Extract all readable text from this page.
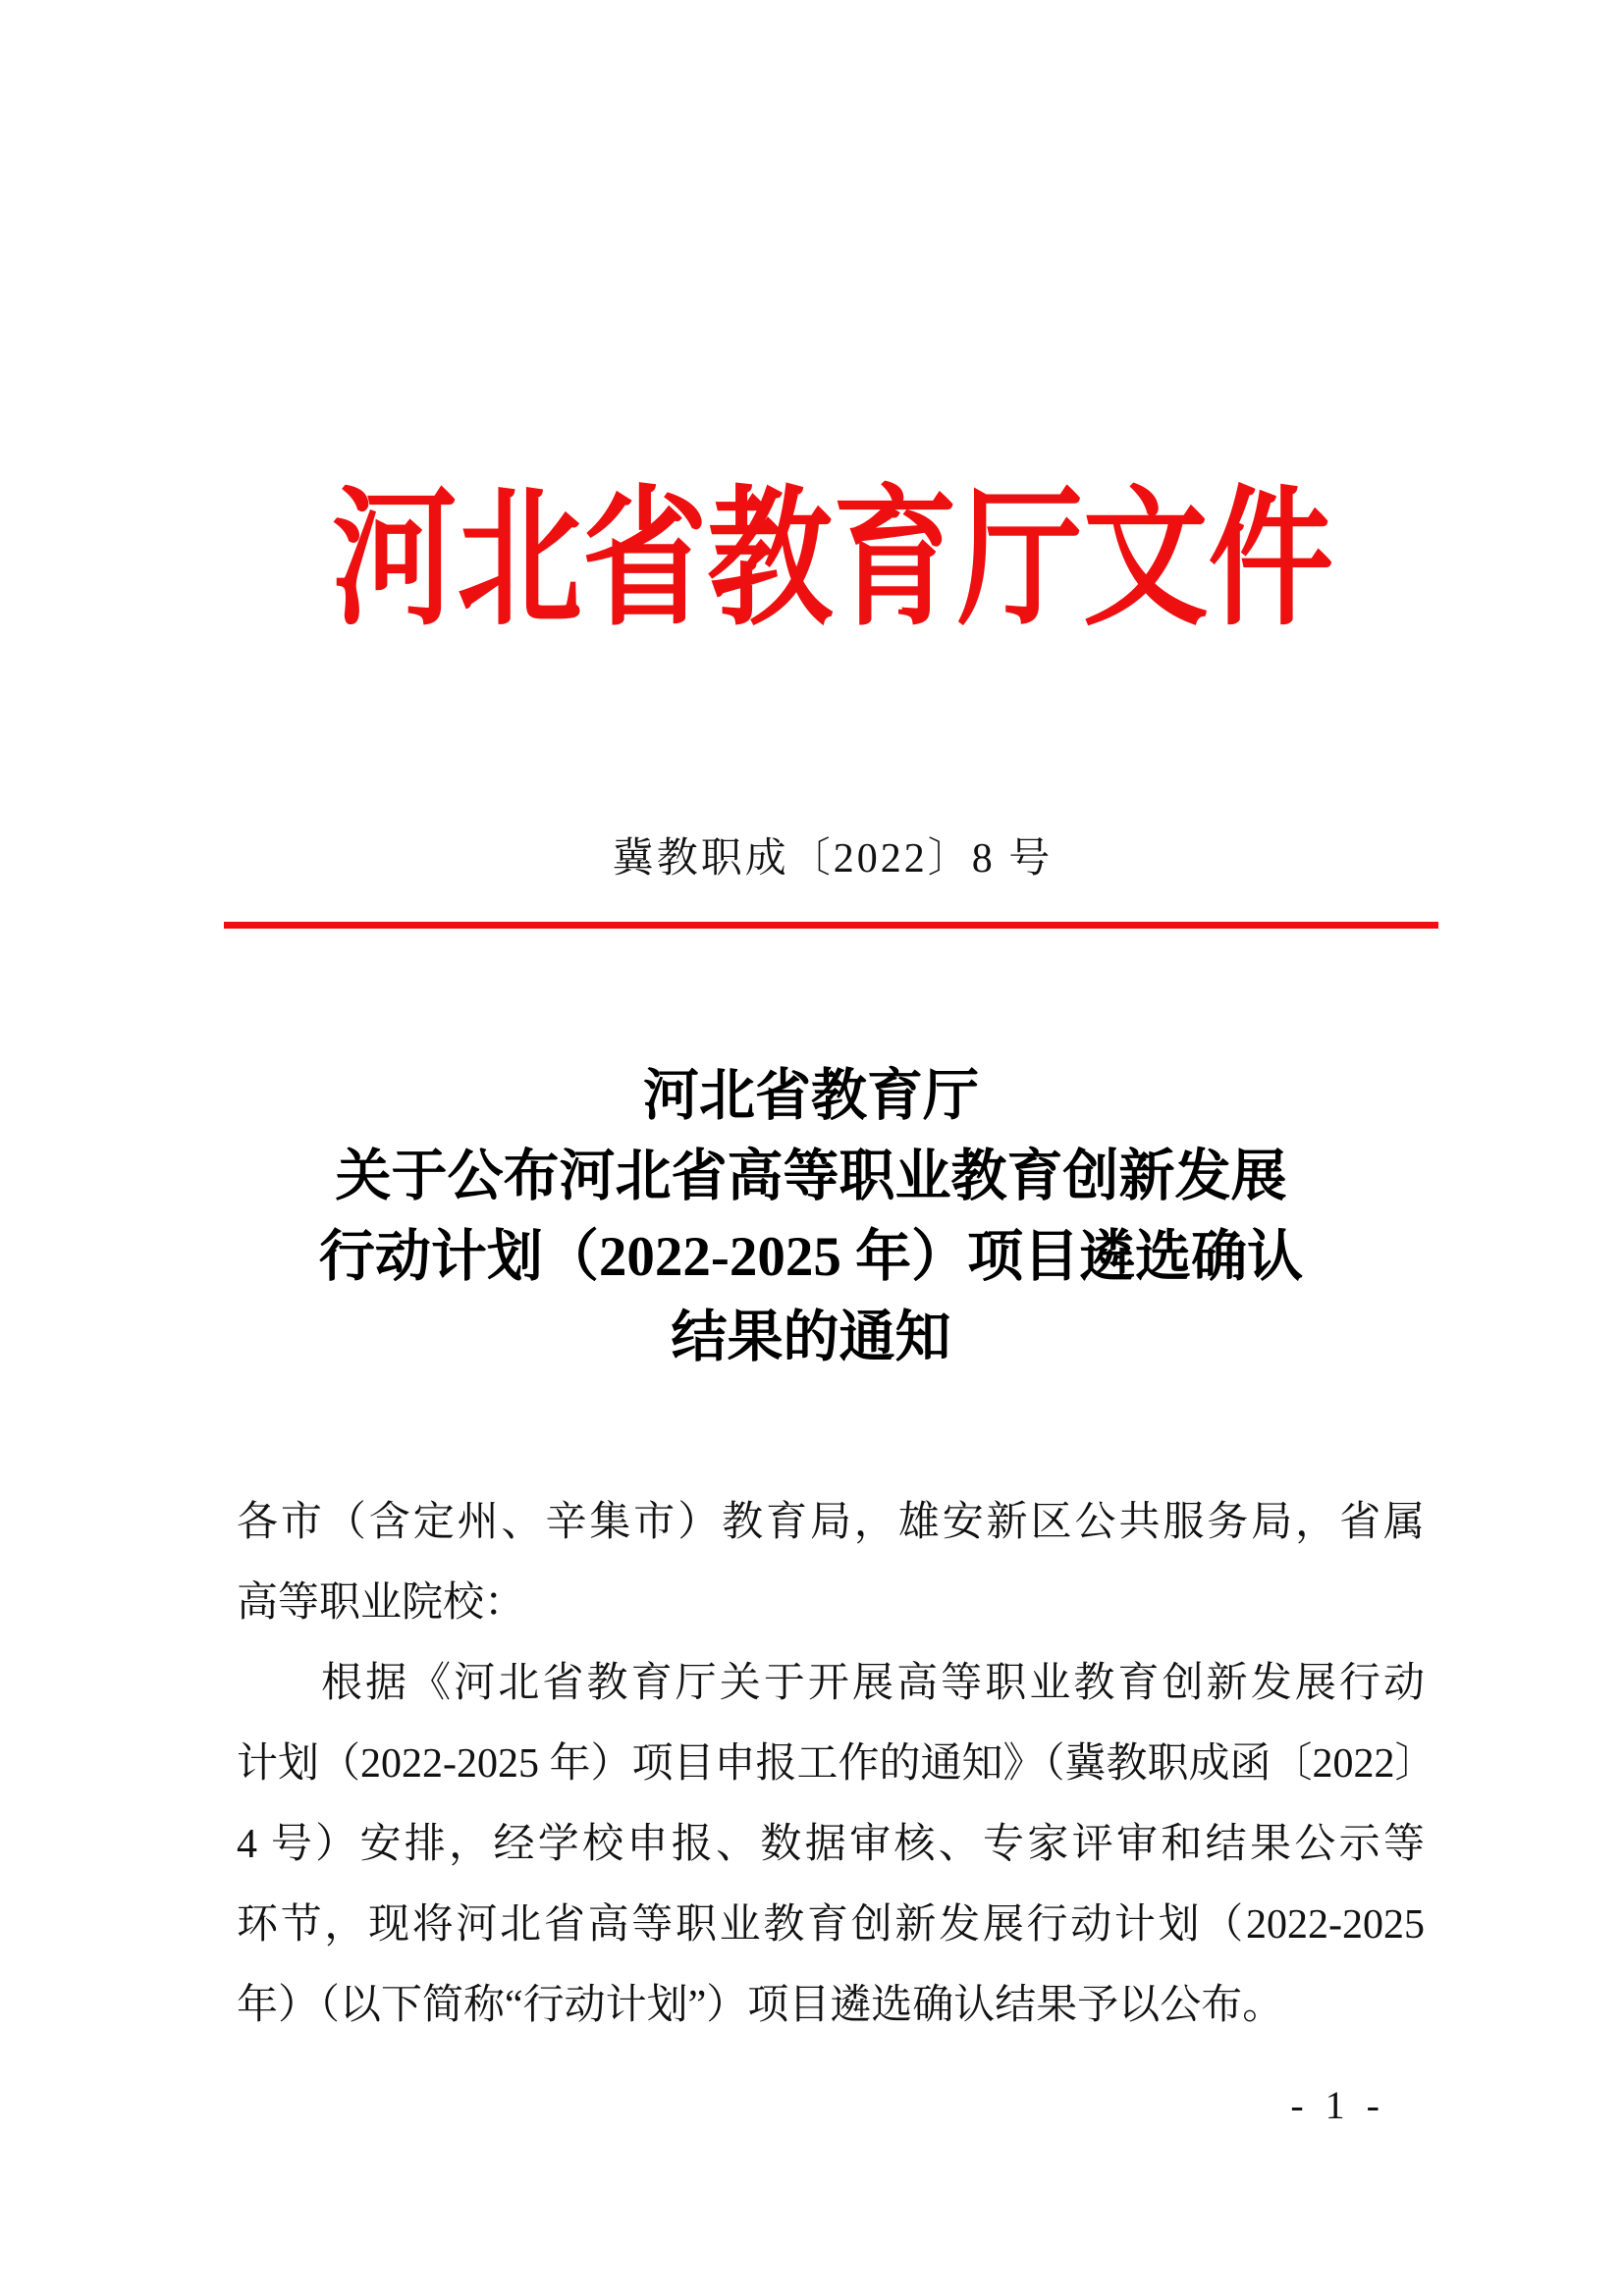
河北省教育厅文件
冀教职成〔2022〕8 号
河北省教育厅
关于公布河北省高等职业教育创新发展
行动计划（2022-2025 年）项目遴选确认
结果的通知
各市（含定州、辛集市）教育局，雄安新区公共服务局，省属
高等职业院校：
根据《河北省教育厅关于开展高等职业教育创新发展行动
计划（2022-2025 年）项目申报工作的通知》（冀教职成函〔2022〕
4 号）安排，经学校申报、数据审核、专家评审和结果公示等
环节，现将河北省高等职业教育创新发展行动计划（2022-2025
年）（以下简称“行动计划”）项目遴选确认结果予以公布。
- 1 -
